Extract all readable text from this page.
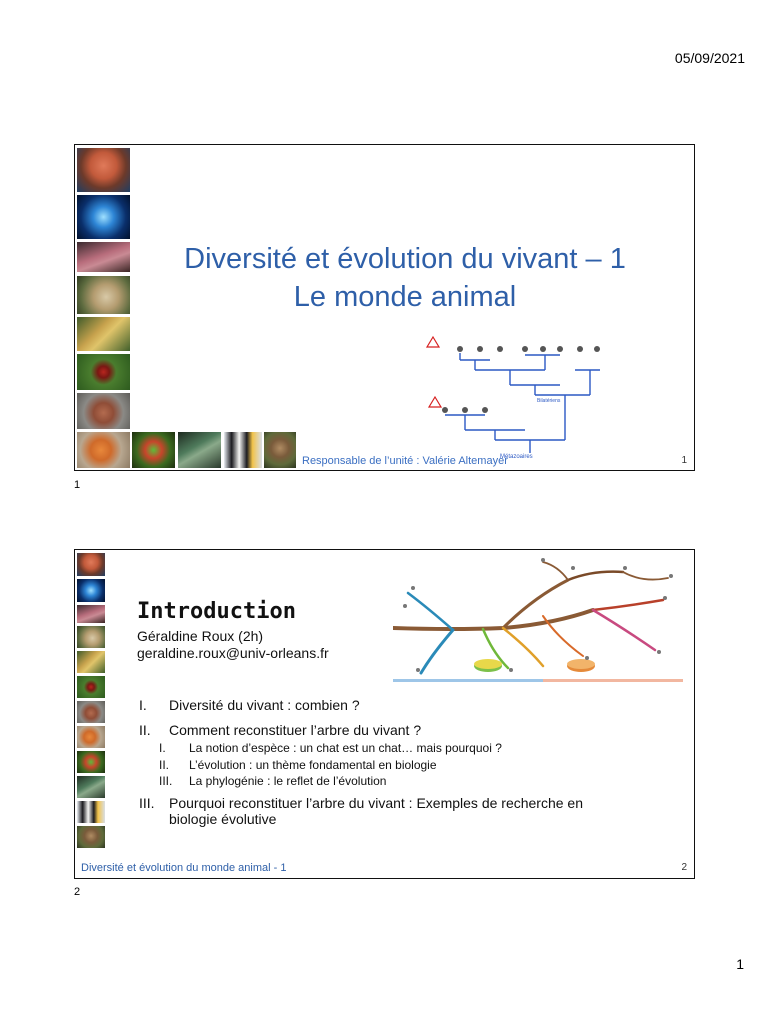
05/09/2021
Diversité et évolution du vivant – 1
Le monde animal
Métazoaires
Bilatériens
Responsable de l’unité : Valérie Altemayer	1
1
Introduction
Géraldine Roux (2h)
geraldine.roux@univ-orleans.fr
I. Diversité du vivant : combien ?
II. Comment reconstituer l’arbre du vivant ?
I. La notion d’espèce : un chat est un chat… mais pourquoi ?
II. L’évolution : un thème fondamental en biologie
III. La phylogénie : le reflet de l’évolution
III. Pourquoi reconstituer l’arbre du vivant : Exemples de recherche en
biologie évolutive
Diversité et évolution du monde animal - 1	2
2
1
